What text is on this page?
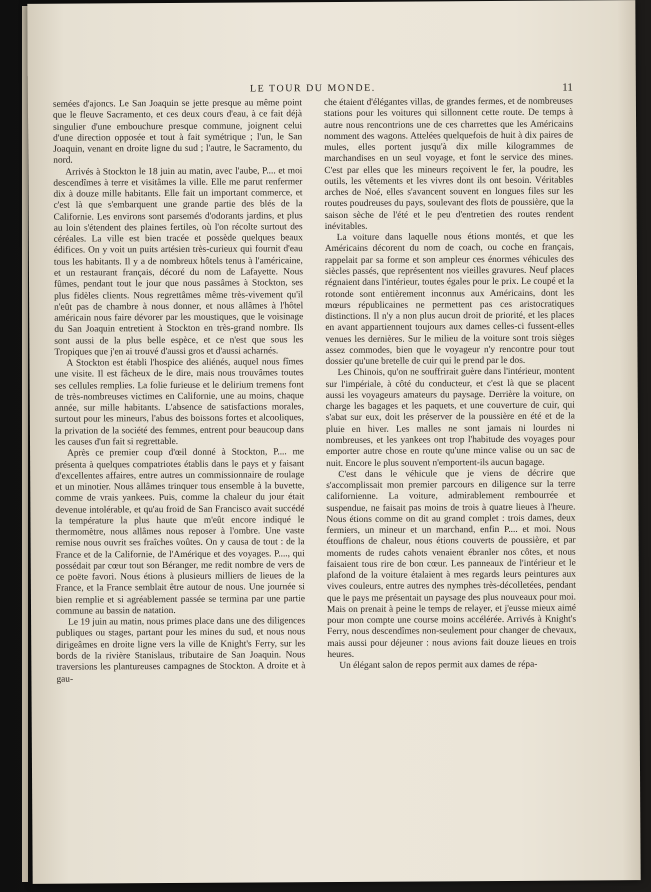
LE TOUR DU MONDE.	11

semées d'ajoncs. Le San Joaquin se jette presque au même point que le fleuve Sacramento, et ces deux cours d'eau, à ce fait déjà singulier d'une embouchure presque commune, joignent celui d'une direction opposée et tout à fait symétrique ; l'un, le San Joaquin, venant en droite ligne du sud ; l'autre, le Sacramento, du nord.

Arrivés à Stockton le 18 juin au matin, avec l'aube, P.... et moi descendîmes à terre et visitâmes la ville. Elle me parut renfermer dix à douze mille habitants. Elle fait un important commerce, et c'est là que s'embarquent une grande partie des blés de la Californie. Les environs sont parsemés d'odorants jardins, et plus au loin s'étendent des plaines fertiles, où l'on récolte surtout des céréales. La ville est bien tracée et possède quelques beaux édifices. On y voit un puits artésien très-curieux qui fournit d'eau tous les habitants. Il y a de nombreux hôtels tenus à l'américaine, et un restaurant français, décoré du nom de Lafayette. Nous fûmes, pendant tout le jour que nous passâmes à Stockton, ses plus fidèles clients. Nous regrettâmes même très-vivement qu'il n'eût pas de chambre à nous donner, et nous allâmes à l'hôtel américain nous faire dévorer par les moustiques, que le voisinage du San Joaquin entretient à Stockton en très-grand nombre. Ils sont aussi de la plus belle espèce, et ce n'est que sous les Tropiques que j'en ai trouvé d'aussi gros et d'aussi acharnés.

A Stockton est établi l'hospice des aliénés, auquel nous fîmes une visite. Il est fâcheux de le dire, mais nous trouvâmes toutes ses cellules remplies. La folie furieuse et le delirium tremens font de très-nombreuses victimes en Californie, une au moins, chaque année, sur mille habitants. L'absence de satisfactions morales, surtout pour les mineurs, l'abus des boissons fortes et alcooliques, la privation de la société des femmes, entrent pour beaucoup dans les causes d'un fait si regrettable.

Après ce premier coup d'œil donné à Stockton, P.... me présenta à quelques compatriotes établis dans le pays et y faisant d'excellentes affaires, entre autres un commissionnaire de roulage et un minotier. Nous allâmes trinquer tous ensemble à la buvette, comme de vrais yankees. Puis, comme la chaleur du jour était devenue intolérable, et qu'au froid de San Francisco avait succédé la température la plus haute que m'eût encore indiqué le thermomètre, nous allâmes nous reposer à l'ombre. Une vaste remise nous ouvrit ses fraîches voûtes. On y causa de tout : de la France et de la Californie, de l'Amérique et des voyages. P...., qui possédait par cœur tout son Béranger, me redit nombre de vers de ce poëte favori. Nous étions à plusieurs milliers de lieues de la France, et la France semblait être autour de nous. Une journée si bien remplie et si agréablement passée se termina par une partie commune au bassin de natation.

Le 19 juin au matin, nous primes place dans une des diligences publiques ou stages, partant pour les mines du sud, et nous nous dirigeâmes en droite ligne vers la ville de Knight's Ferry, sur les bords de la rivière Stanislaus, tributaire de San Joaquin. Nous traversions les plantureuses campagnes de Stockton. A droite et à gau-

che étaient d'élégantes villas, de grandes fermes, et de nombreuses stations pour les voitures qui sillonnent cette route. De temps à autre nous rencontrions une de ces charrettes que les Américains nomment des wagons. Attelées quelquefois de huit à dix paires de mules, elles portent jusqu'à dix mille kilogrammes de marchandises en un seul voyage, et font le service des mines. C'est par elles que les mineurs reçoivent le fer, la poudre, les outils, les vêtements et les vivres dont ils ont besoin. Véritables arches de Noé, elles s'avancent souvent en longues files sur les routes poudreuses du pays, soulevant des flots de poussière, que la saison sèche de l'été et le peu d'entretien des routes rendent inévitables.

La voiture dans laquelle nous étions montés, et que les Américains décorent du nom de coach, ou coche en français, rappelait par sa forme et son ampleur ces énormes véhicules des siècles passés, que représentent nos vieilles gravures. Neuf places régnaient dans l'intérieur, toutes égales pour le prix. Le coupé et la rotonde sont entièrement inconnus aux Américains, dont les mœurs républicaines ne permettent pas ces aristocratiques distinctions. Il n'y a non plus aucun droit de priorité, et les places en avant appartiennent toujours aux dames celles-ci fussent-elles venues les dernières. Sur le milieu de la voiture sont trois sièges assez commodes, bien que le voyageur n'y rencontre pour tout dossier qu'une bretelle de cuir qui le prend par le dos.

Les Chinois, qu'on ne souffrirait guère dans l'intérieur, montent sur l'impériale, à côté du conducteur, et c'est là que se placent aussi les voyageurs amateurs du paysage. Derrière la voiture, on charge les bagages et les paquets, et une couverture de cuir, qui s'abat sur eux, doit les préserver de la poussière en été et de la pluie en hiver. Les malles ne sont jamais ni lourdes ni nombreuses, et les yankees ont trop l'habitude des voyages pour emporter autre chose en route qu'une mince valise ou un sac de nuit. Encore le plus souvent n'emportent-ils aucun bagage.

C'est dans le véhicule que je viens de décrire que s'accomplissait mon premier parcours en diligence sur la terre californienne. La voiture, admirablement rembourrée et suspendue, ne faisait pas moins de trois à quatre lieues à l'heure. Nous étions comme on dit au grand complet : trois dames, deux fermiers, un mineur et un marchand, enfin P.... et moi. Nous étouffions de chaleur, nous étions couverts de poussière, et par moments de rudes cahots venaient ébranler nos côtes, et nous faisaient tous rire de bon cœur. Les panneaux de l'intérieur et le plafond de la voiture étalaient à mes regards leurs peintures aux vives couleurs, entre autres des nymphes très-décolletées, pendant que le pays me présentait un paysage des plus nouveaux pour moi. Mais on prenait à peine le temps de relayer, et j'eusse mieux aimé pour mon compte une course moins accélérée. Arrivés à Knight's Ferry, nous descendîmes non-seulement pour changer de chevaux, mais aussi pour déjeuner : nous avions fait douze lieues en trois heures.

Un élégant salon de repos permit aux dames de répa-
